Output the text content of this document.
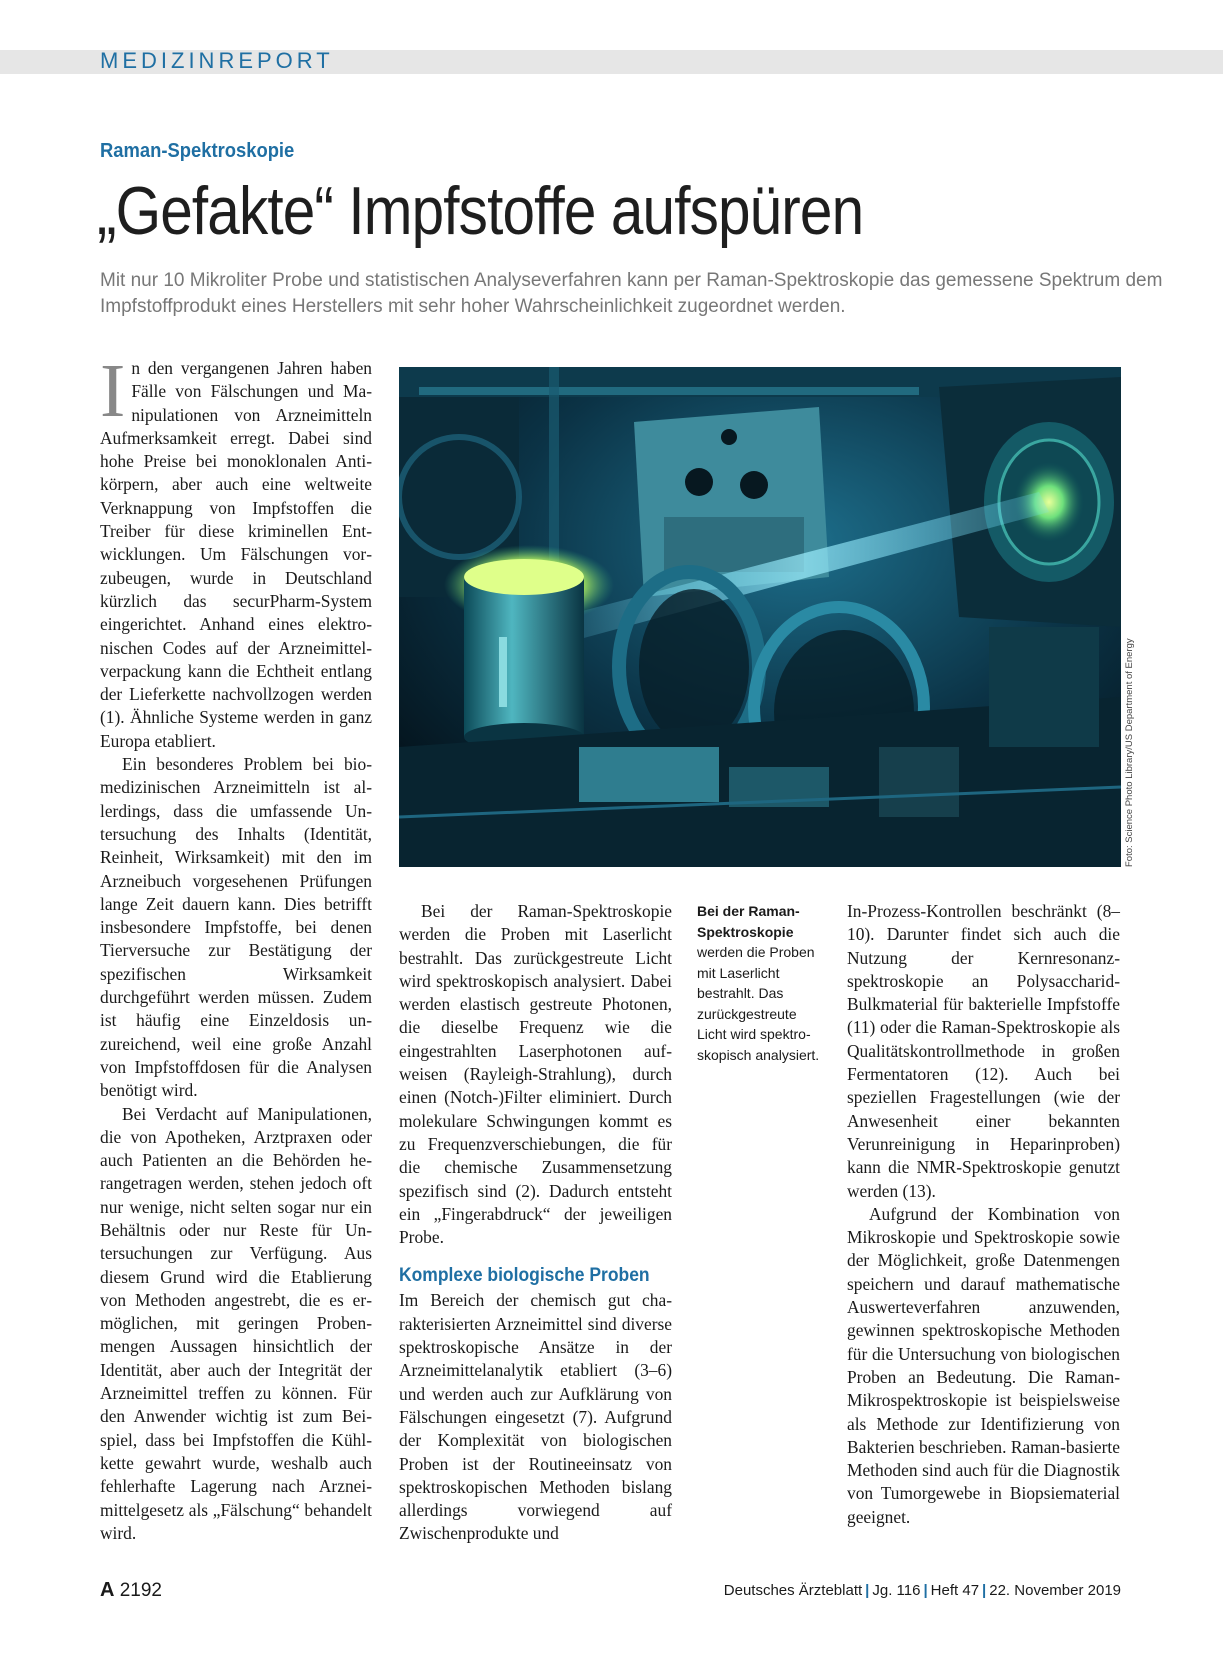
MEDIZINREPORT
Raman-Spektroskopie
„Gefakte“ Impfstoffe aufspüren
Mit nur 10 Mikroliter Probe und statistischen Analyseverfahren kann per Raman-Spektroskopie das gemessene Spektrum dem Impfstoffprodukt eines Herstellers mit sehr hoher Wahrscheinlichkeit zugeordnet werden.

In den vergangenen Jahren haben Fälle von Fälschungen und Manipulationen von Arzneimitteln Aufmerksamkeit erregt. Dabei sind hohe Preise bei monoklonalen Antikörpern, aber auch eine weltweite Verknappung von Impfstoffen die Treiber für diese kriminellen Entwicklungen. Um Fälschungen vorzubeugen, wurde in Deutschland kürzlich das securPharm-System eingerichtet. Anhand eines elektronischen Codes auf der Arzneimittelverpackung kann die Echtheit entlang der Lieferkette nachvollzogen werden (1). Ähnliche Systeme werden in ganz Europa etabliert.

Ein besonderes Problem bei biomedizinischen Arzneimitteln ist allerdings, dass die umfassende Untersuchung des Inhalts (Identität, Reinheit, Wirksamkeit) mit den im Arzneibuch vorgesehenen Prüfungen lange Zeit dauern kann. Dies betrifft insbesondere Impfstoffe, bei denen Tierversuche zur Bestätigung der spezifischen Wirksamkeit durchgeführt werden müssen. Zudem ist häufig eine Einzeldosis unzureichend, weil eine große Anzahl von Impfstoffdosen für die Analysen benötigt wird.

Bei Verdacht auf Manipulationen, die von Apotheken, Arztpraxen oder auch Patienten an die Behörden herangetragen werden, stehen jedoch oft nur wenige, nicht selten sogar nur ein Behältnis oder nur Reste für Untersuchungen zur Verfügung. Aus diesem Grund wird die Etablierung von Methoden angestrebt, die es ermöglichen, mit geringen Probenmengen Aussagen hinsichtlich der Identität, aber auch der Integrität der Arzneimittel treffen zu können. Für den Anwender wichtig ist zum Beispiel, dass bei Impfstoffen die Kühlkette gewahrt wurde, weshalb auch fehlerhafte Lagerung nach Arzneimittelgesetz als „Fälschung“ behandelt wird.

Foto: Science Photo Library/US Department of Energy

Bei der Raman-Spektroskopie werden die Proben mit Laserlicht bestrahlt. Das zurückgestreute Licht wird spektroskopisch analysiert. Dabei werden elastisch gestreute Photonen, die dieselbe Frequenz wie die eingestrahlten Laserphotonen aufweisen (Rayleigh-Strahlung), durch einen (Notch-)Filter eliminiert. Durch molekulare Schwingungen kommt es zu Frequenzverschiebungen, die für die chemische Zusammensetzung spezifisch sind (2). Dadurch entsteht ein „Fingerabdruck“ der jeweiligen Probe.

Komplexe biologische Proben

Im Bereich der chemisch gut charakterisierten Arzneimittel sind diverse spektroskopische Ansätze in der Arzneimittelanalytik etabliert (3–6) und werden auch zur Aufklärung von Fälschungen eingesetzt (7). Aufgrund der Komplexität von biologischen Proben ist der Routineeinsatz von spektroskopischen Methoden bislang allerdings vorwiegend auf Zwischenprodukte und

Bei der Raman-Spektroskopie werden die Proben mit Laserlicht bestrahlt. Das zurückgestreute Licht wird spektroskopisch analysiert.

In-Prozess-Kontrollen beschränkt (8–10). Darunter findet sich auch die Nutzung der Kernresonanzspektroskopie an Polysaccharid-Bulkmaterial für bakterielle Impfstoffe (11) oder die Raman-Spektroskopie als Qualitätskontrollmethode in großen Fermentatoren (12). Auch bei speziellen Fragestellungen (wie der Anwesenheit einer bekannten Verunreinigung in Heparinproben) kann die NMR-Spektroskopie genutzt werden (13).

Aufgrund der Kombination von Mikroskopie und Spektroskopie sowie der Möglichkeit, große Datenmengen speichern und darauf mathematische Auswerteverfahren anzuwenden, gewinnen spektroskopische Methoden für die Untersuchung von biologischen Proben an Bedeutung. Die Raman-Mikrospektroskopie ist beispielsweise als Methode zur Identifizierung von Bakterien beschrieben. Raman-basierte Methoden sind auch für die Diagnostik von Tumorgewebe in Biopsiematerial geeignet.

A 2192	Deutsches Ärzteblatt | Jg. 116 | Heft 47 | 22. November 2019
